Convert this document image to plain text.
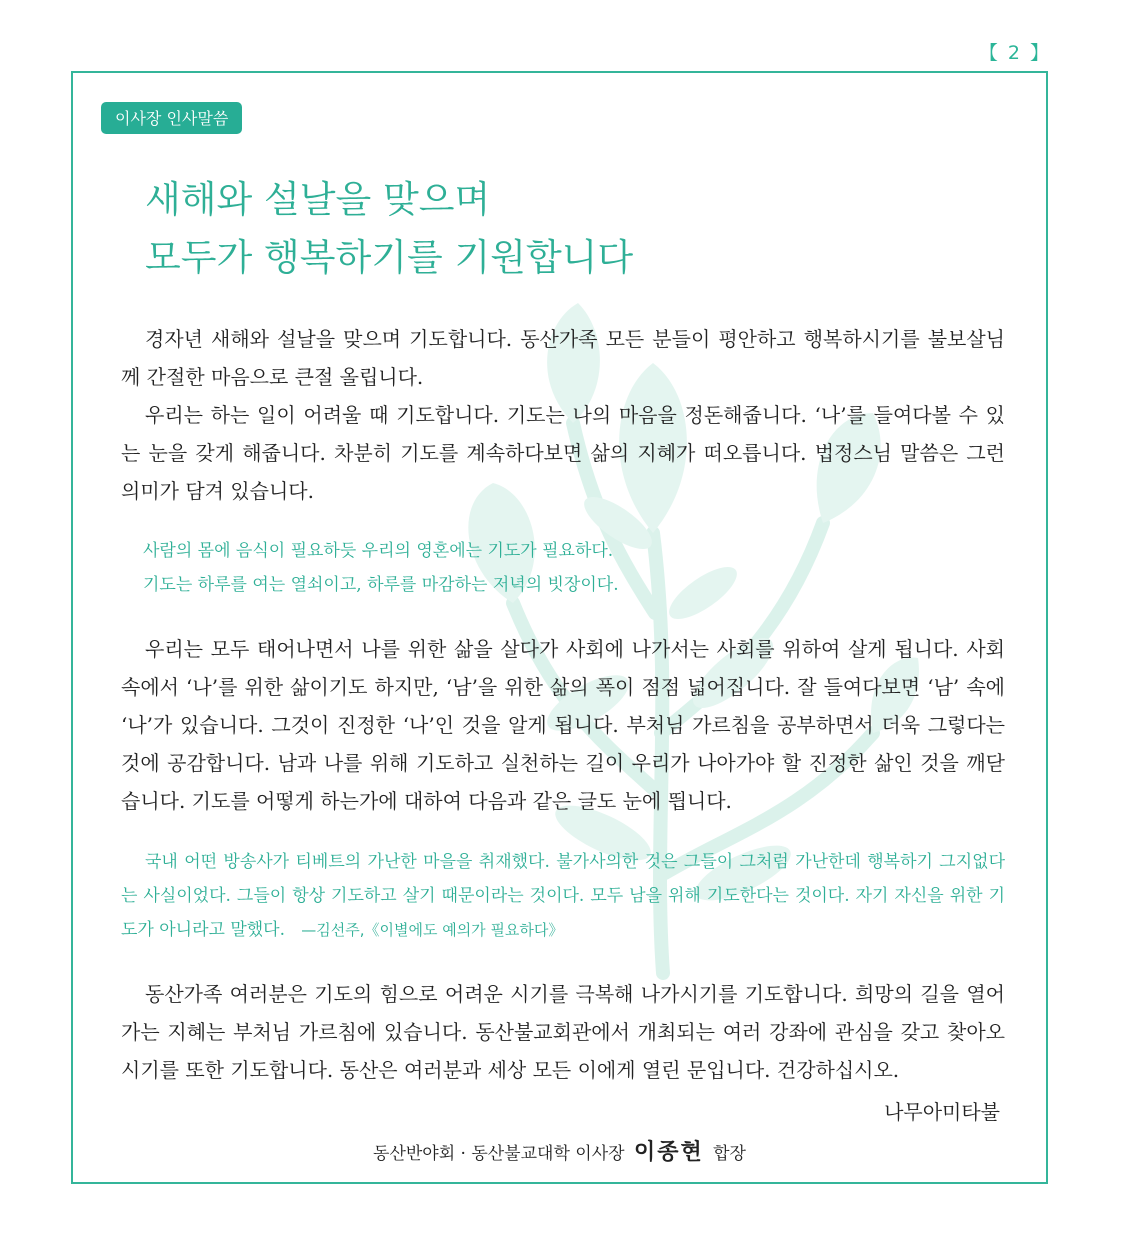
【 2 】
이사장 인사말씀
새해와 설날을 맞으며
모두가 행복하기를 기원합니다

경자년 새해와 설날을 맞으며 기도합니다. 동산가족 모든 분들이 평안하고 행복하시기를 불보살님께 간절한 마음으로 큰절 올립니다.

우리는 하는 일이 어려울 때 기도합니다. 기도는 나의 마음을 정돈해줍니다. ‘나’를 들여다볼 수 있는 눈을 갖게 해줍니다. 차분히 기도를 계속하다보면 삶의 지혜가 떠오릅니다. 법정스님 말씀은 그런 의미가 담겨 있습니다.

사람의 몸에 음식이 필요하듯 우리의 영혼에는 기도가 필요하다.
기도는 하루를 여는 열쇠이고, 하루를 마감하는 저녁의 빗장이다.

우리는 모두 태어나면서 나를 위한 삶을 살다가 사회에 나가서는 사회를 위하여 살게 됩니다. 사회 속에서 ‘나’를 위한 삶이기도 하지만, ‘남’을 위한 삶의 폭이 점점 넓어집니다. 잘 들여다보면 ‘남’ 속에 ‘나’가 있습니다. 그것이 진정한 ‘나’인 것을 알게 됩니다. 부처님 가르침을 공부하면서 더욱 그렇다는 것에 공감합니다. 남과 나를 위해 기도하고 실천하는 길이 우리가 나아가야 할 진정한 삶인 것을 깨닫습니다. 기도를 어떻게 하는가에 대하여 다음과 같은 글도 눈에 띕니다.

국내 어떤 방송사가 티베트의 가난한 마을을 취재했다. 불가사의한 것은 그들이 그처럼 가난한데 행복하기 그지없다는 사실이었다. 그들이 항상 기도하고 살기 때문이라는 것이다. 모두 남을 위해 기도한다는 것이다. 자기 자신을 위한 기도가 아니라고 말했다. —김선주,《이별에도 예의가 필요하다》

동산가족 여러분은 기도의 힘으로 어려운 시기를 극복해 나가시기를 기도합니다. 희망의 길을 열어가는 지혜는 부처님 가르침에 있습니다. 동산불교회관에서 개최되는 여러 강좌에 관심을 갖고 찾아오시기를 또한 기도합니다. 동산은 여러분과 세상 모든 이에게 열린 문입니다. 건강하십시오.

나무아미타불
동산반야회 · 동산불교대학 이사장 이종현 합장
